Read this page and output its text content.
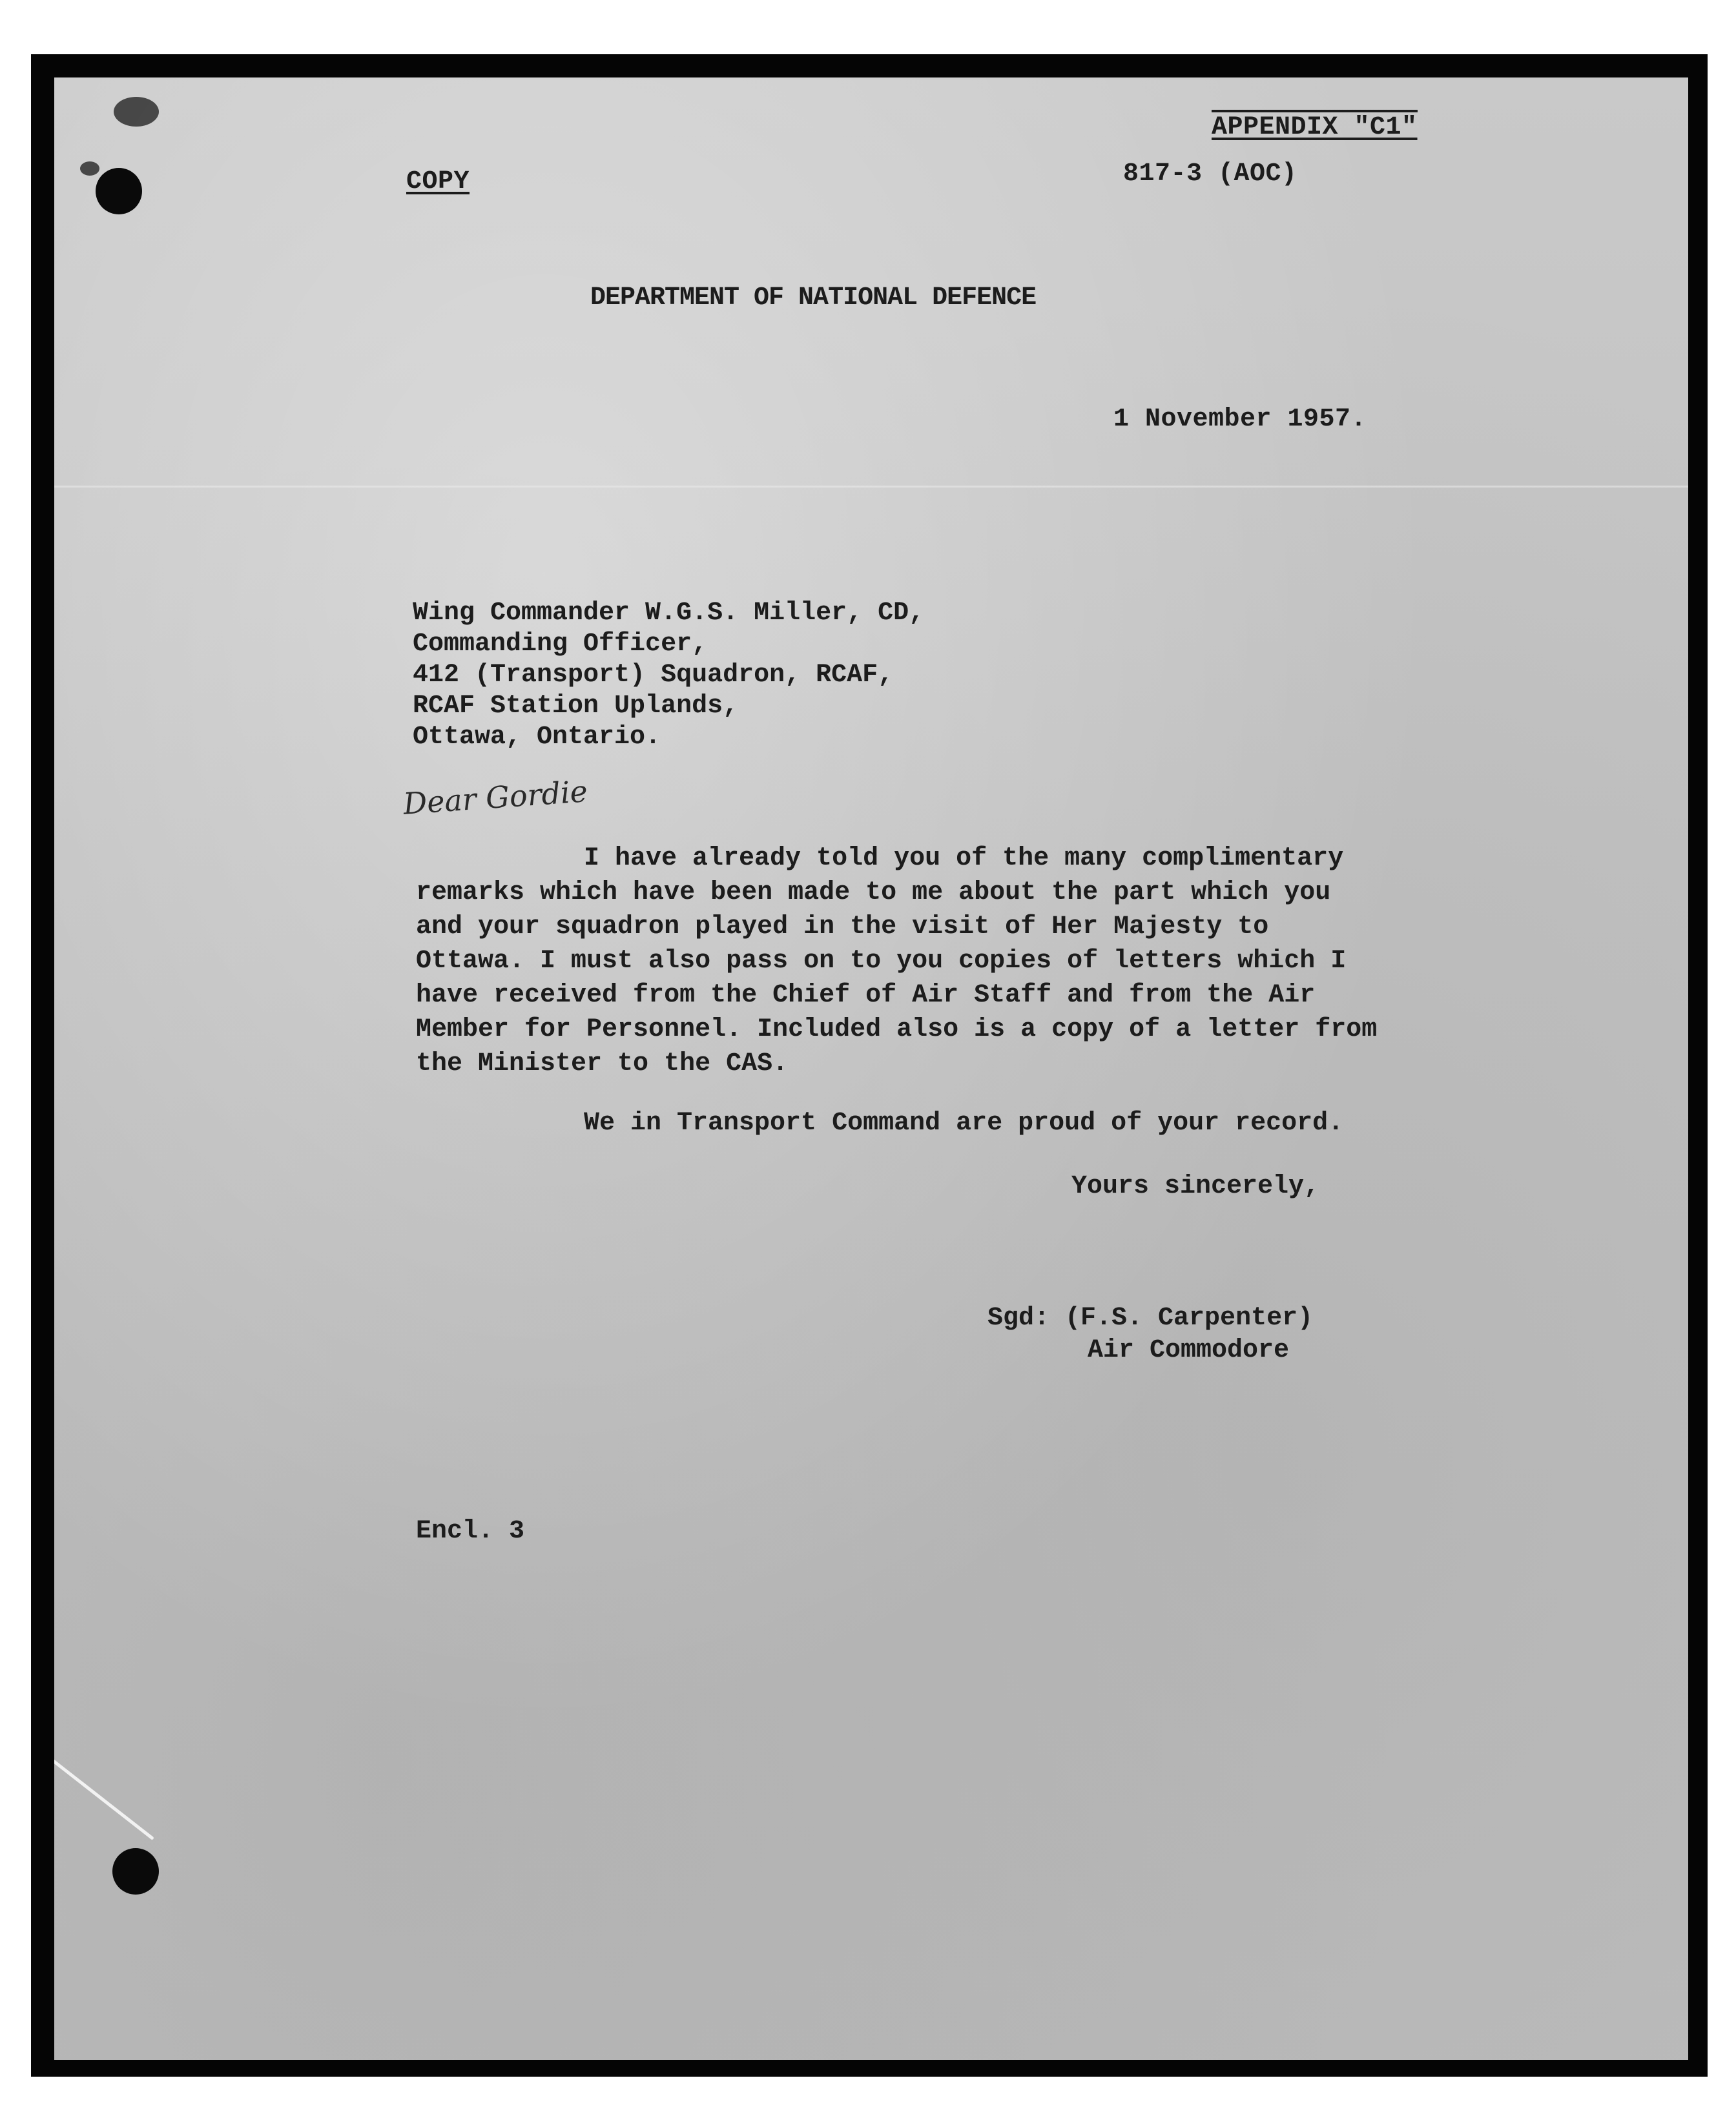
APPENDIX "C1"
COPY	817-3 (AOC)
DEPARTMENT OF NATIONAL DEFENCE
1 November 1957.
Wing Commander W.G.S. Miller, CD,
Commanding Officer,
412 (Transport) Squadron, RCAF,
RCAF Station Uplands,
Ottawa, Ontario.
Dear Gordie
I have already told you of the many complimentary
remarks which have been made to me about the part which you
and your squadron played in the visit of Her Majesty to
Ottawa. I must also pass on to you copies of letters which I
have received from the Chief of Air Staff and from the Air
Member for Personnel. Included also is a copy of a letter from
the Minister to the CAS.
We in Transport Command are proud of your record.
Yours sincerely,
Sgd: (F.S. Carpenter)
Air Commodore
Encl. 3
